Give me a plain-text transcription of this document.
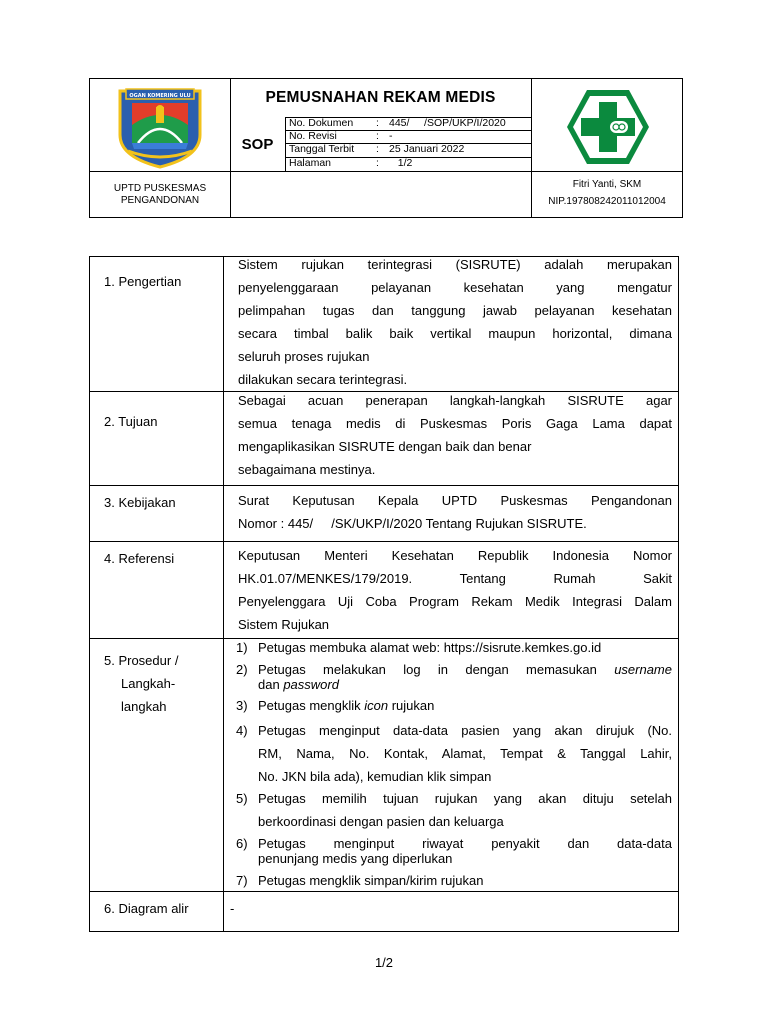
OGAN KOMERING ULU	PEMUSNAHAN REKAM MEDIS
SOP
No. Dokumen : 445/     /SOP/UKP/I/2020
No. Revisi	: -
Tanggal Terbit : 25 Januari 2022
Halaman	: 1/2
UPTD PUSKESMAS
PENGANDONAN
Fitri Yanti, SKM
NIP.197808242011012004
1. Pengertian
Sistem rujukan terintegrasi (SISRUTE) adalah merupakan
penyelenggaraan pelayanan kesehatan yang mengatur
pelimpahan tugas dan tanggung jawab pelayanan kesehatan
secara timbal balik baik vertikal maupun horizontal, dimana
seluruh proses rujukan
dilakukan secara terintegrasi.
2. Tujuan
Sebagai acuan penerapan langkah-langkah SISRUTE agar
semua tenaga medis di Puskesmas Poris Gaga Lama dapat
mengaplikasikan SISRUTE dengan baik dan benar
sebagaimana mestinya.
3. Kebijakan	Surat Keputusan Kepala UPTD Puskesmas Pengandonan
Nomor : 445/     /SK/UKP/I/2020 Tentang Rujukan SISRUTE.
4. Referensi	Keputusan Menteri Kesehatan Republik Indonesia Nomor
HK.01.07/MENKES/179/2019. Tentang Rumah Sakit
Penyelenggara Uji Coba Program Rekam Medik Integrasi Dalam
Sistem Rujukan
5. Prosedur /
Langkah-
langkah
1) Petugas membuka alamat web: https://sisrute.kemkes.go.id
2) Petugas melakukan log in dengan memasukan username
dan password
3) Petugas mengklik icon rujukan
4) Petugas menginput data-data pasien yang akan dirujuk (No.
RM, Nama, No. Kontak, Alamat, Tempat & Tanggal Lahir,
No. JKN bila ada), kemudian klik simpan
5) Petugas memilih tujuan rujukan yang akan dituju setelah
berkoordinasi dengan pasien dan keluarga
6) Petugas menginput riwayat penyakit dan data-data
penunjang medis yang diperlukan
7) Petugas mengklik simpan/kirim rujukan
6. Diagram alir	-
1/2
